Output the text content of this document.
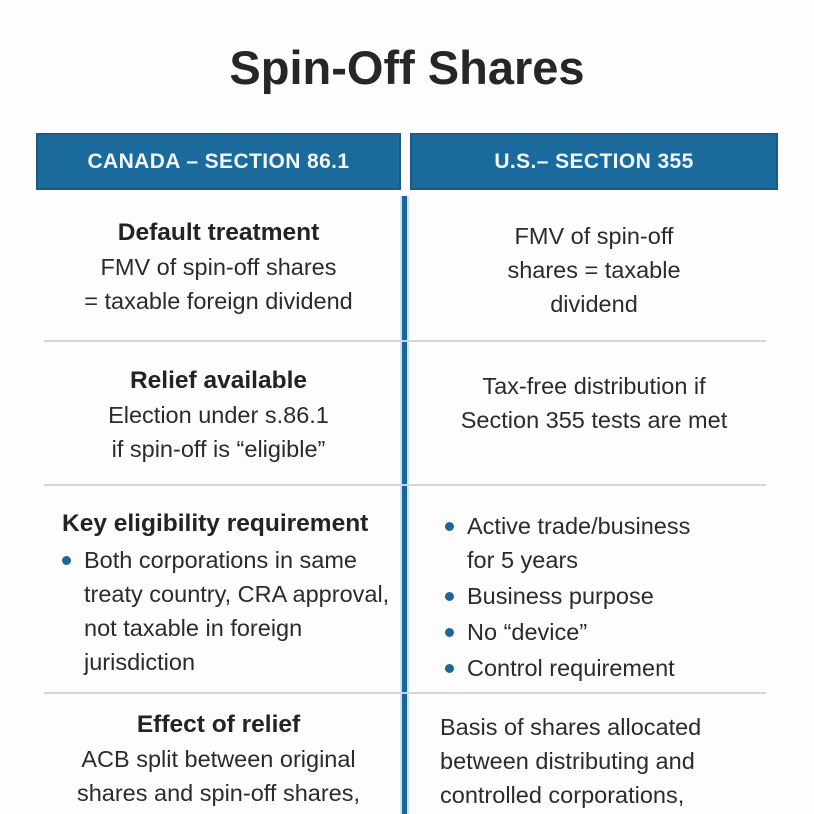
Spin-Off Shares
CANADA – SECTION 86.1	U.S.– SECTION 355
Default treatment
FMV of spin-off shares
= taxable foreign dividend
FMV of spin-off
shares = taxable
dividend
Relief available
Election under s.86.1
if spin-off is “eligible”
Tax-free distribution if
Section 355 tests are met
Key eligibility requirement
Both corporations in same
treaty country, CRA approval,
not taxable in foreign
jurisdiction
Active trade/business
for 5 years
Business purpose
No “device”
Control requirement
Effect of relief
ACB split between original
shares and spin-off shares,
Basis of shares allocated
between distributing and
controlled corporations,
